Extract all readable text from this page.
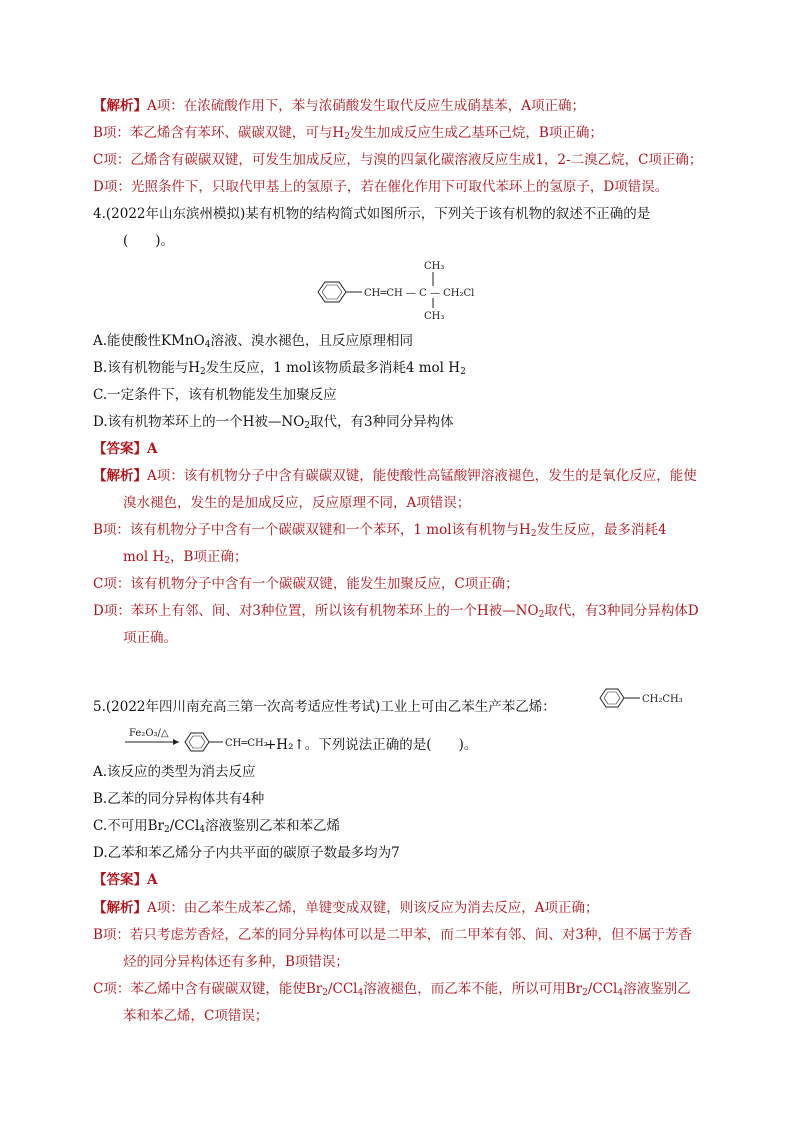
【解析】A项：在浓硫酸作用下，苯与浓硝酸发生取代反应生成硝基苯，A项正确；
B项：苯乙烯含有苯环、碳碳双键，可与$H_2$发生加成反应生成乙基环己烷，B项正确；
C项：乙烯含有碳碳双键，可发生加成反应，与溴的四氯化碳溶液反应生成1，2-二溴乙烷，C项正确；
D项：光照条件下，只取代甲基上的氢原子，若在催化作用下可取代苯环上的氢原子，D项错误。
4.(2022年山东滨州模拟)某有机物的结构简式如图所示，下列关于该有机物的叙述不正确的是
(　　)。
CH═CH — C — CH₂Cl
CH₃
CH₃
A.能使酸性KMnO$_4$溶液、溴水褪色，且反应原理相同
B.该有机物能与$H_2$发生反应，1 mol该物质最多消耗4 mol $H_2$
C.一定条件下，该有机物能发生加聚反应
D.该有机物苯环上的一个H被$—NO_2$取代，有3种同分异构体
【答案】A
【解析】A项：该有机物分子中含有碳碳双键，能使酸性高锰酸钾溶液褪色，发生的是氧化反应，能使
溴水褪色，发生的是加成反应，反应原理不同，A项错误；
B项：该有机物分子中含有一个碳碳双键和一个苯环，1 mol该有机物与$H_2$发生反应，最多消耗4
mol $H_2$，B项正确；
C项：该有机物分子中含有一个碳碳双键，能发生加聚反应，C项正确；
D项：苯环上有邻、间、对3种位置，所以该有机物苯环上的一个H被$—NO_2$取代，有3种同分异构体D
项正确。
5.(2022年四川南充高三第一次高考适应性考试)工业上可由乙苯生产苯乙烯：	CH₂CH₃
Fe₂O₃/△
CH═CH₂
+H₂↑。下列说法正确的是(　　)。
A.该反应的类型为消去反应
B.乙苯的同分异构体共有4种
C.不可用$Br_2/CCl_4$溶液鉴别乙苯和苯乙烯
D.乙苯和苯乙烯分子内共平面的碳原子数最多均为7
【答案】A
【解析】A项：由乙苯生成苯乙烯，单键变成双键，则该反应为消去反应，A项正确；
B项：若只考虑芳香烃，乙苯的同分异构体可以是二甲苯，而二甲苯有邻、间、对3种，但不属于芳香
烃的同分异构体还有多种，B项错误；
C项：苯乙烯中含有碳碳双键，能使$Br_2/CCl_4$溶液褪色，而乙苯不能，所以可用$Br_2/CCl_4$溶液鉴别乙
苯和苯乙烯，C项错误；
